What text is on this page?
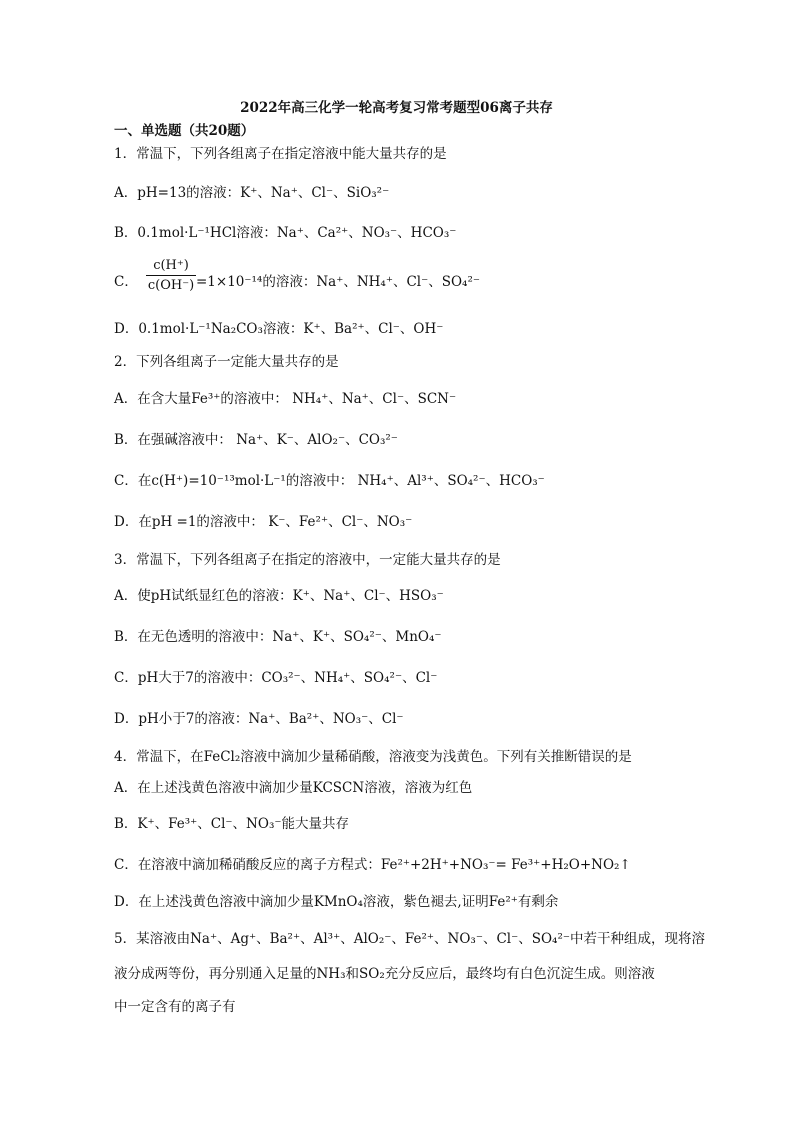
2022年高三化学一轮高考复习常考题型06离子共存
一、单选题（共20题）
1．常温下，下列各组离子在指定溶液中能大量共存的是
A．pH=13的溶液：K⁺、Na⁺、Cl⁻、SiO₃²⁻
B．0.1mol·L⁻¹HCl溶液：Na⁺、Ca²⁺、NO₃⁻、HCO₃⁻
C． $\frac{c(H^+)}{c(OH^-)} =1\times 10^{-14}$的溶液：Na⁺、NH₄⁺、Cl⁻、SO₄²⁻
D．0.1mol·L⁻¹Na₂CO₃溶液：K⁺、Ba²⁺、Cl⁻、OH⁻
2．下列各组离子一定能大量共存的是
A．在含大量Fe³⁺的溶液中： NH₄⁺、Na⁺、Cl⁻、SCN⁻
B．在强碱溶液中： Na⁺、K⁻、AlO₂⁻、CO₃²⁻
C．在c(H⁺)=10⁻¹³mol·L⁻¹的溶液中： NH₄⁺、Al³⁺、SO₄²⁻、HCO₃⁻
D．在pH =1的溶液中： K⁻、Fe²⁺、Cl⁻、NO₃⁻
3．常温下，下列各组离子在指定的溶液中，一定能大量共存的是
A．使pH试纸显红色的溶液：K⁺、Na⁺、Cl⁻、HSO₃⁻
B．在无色透明的溶液中：Na⁺、K⁺、SO₄²⁻、MnO₄⁻
C．pH大于7的溶液中：CO₃²⁻、NH₄⁺、SO₄²⁻、Cl⁻
D．pH小于7的溶液：Na⁺、Ba²⁺、NO₃⁻、Cl⁻
4．常温下，在FeCl₂溶液中滴加少量稀硝酸，溶液变为浅黄色。下列有关推断错误的是
A．在上述浅黄色溶液中滴加少量KCSCN溶液，溶液为红色
B．K⁺、Fe³⁺、Cl⁻、NO₃⁻能大量共存
C．在溶液中滴加稀硝酸反应的离子方程式：Fe²⁺+2H⁺+NO₃⁻= Fe³⁺+H₂O+NO₂↑
D．在上述浅黄色溶液中滴加少量KMnO₄溶液，紫色褪去,证明Fe²⁺有剩余
5．某溶液由Na⁺、Ag⁺、Ba²⁺、Al³⁺、AlO₂⁻、Fe²⁺、NO₃⁻、Cl⁻、SO₄²⁻中若干种组成，现将溶
液分成两等份，再分别通入足量的NH₃和SO₂充分反应后，最终均有白色沉淀生成。则溶液
中一定含有的离子有
